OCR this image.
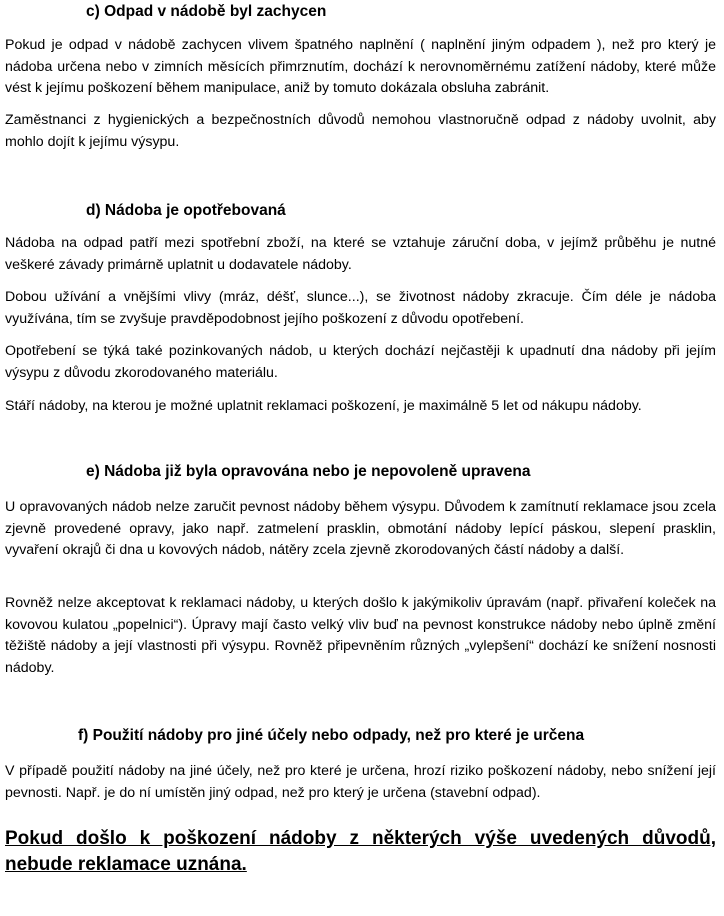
c) Odpad v nádobě byl zachycen

Pokud je odpad v nádobě zachycen vlivem špatného naplnění ( naplnění jiným odpadem ), než pro který je nádoba určena nebo v zimních měsících přimrznutím, dochází k nerovnoměrnému zatížení nádoby, které může vést k jejímu poškození během manipulace, aniž by tomuto dokázala obsluha zabránit.

Zaměstnanci z hygienických a bezpečnostních důvodů nemohou vlastnoručně odpad z nádoby uvolnit, aby mohlo dojít k jejímu výsypu.

d) Nádoba je opotřebovaná

Nádoba na odpad patří mezi spotřební zboží, na které se vztahuje záruční doba, v jejímž průběhu je nutné veškeré závady primárně uplatnit u dodavatele nádoby.

Dobou užívání a vnějšími vlivy (mráz, déšť, slunce...), se životnost nádoby zkracuje. Čím déle je nádoba využívána, tím se zvyšuje pravděpodobnost jejího poškození z důvodu opotřebení.

Opotřebení se týká také pozinkovaných nádob, u kterých dochází nejčastěji k upadnutí dna nádoby při jejím výsypu z důvodu zkorodovaného materiálu.

Stáří nádoby, na kterou je možné uplatnit reklamaci poškození, je maximálně 5 let od nákupu nádoby.

e) Nádoba již byla opravována nebo je nepovoleně upravena

U opravovaných nádob nelze zaručit pevnost nádoby během výsypu. Důvodem k zamítnutí reklamace jsou zcela zjevně provedené opravy, jako např. zatmelení prasklin, obmotání nádoby lepící páskou, slepení prasklin, vyvaření okrajů či dna u kovových nádob, nátěry zcela zjevně zkorodovaných částí nádoby a další.

Rovněž nelze akceptovat k reklamaci nádoby, u kterých došlo k jakýmikoliv úpravám (např. přivaření koleček na kovovou kulatou „popelnici“). Úpravy mají často velký vliv buď na pevnost konstrukce nádoby nebo úplně změní těžiště nádoby a její vlastnosti při výsypu. Rovněž připevněním různých „vylepšení“ dochází ke snížení nosnosti nádoby.

f) Použití nádoby pro jiné účely nebo odpady, než pro které je určena

V případě použití nádoby na jiné účely, než pro které je určena, hrozí riziko poškození nádoby, nebo snížení její pevnosti. Např. je do ní umístěn jiný odpad, než pro který je určena (stavební odpad).

Pokud došlo k poškození nádoby z některých výše uvedených důvodů, nebude reklamace uznána.
